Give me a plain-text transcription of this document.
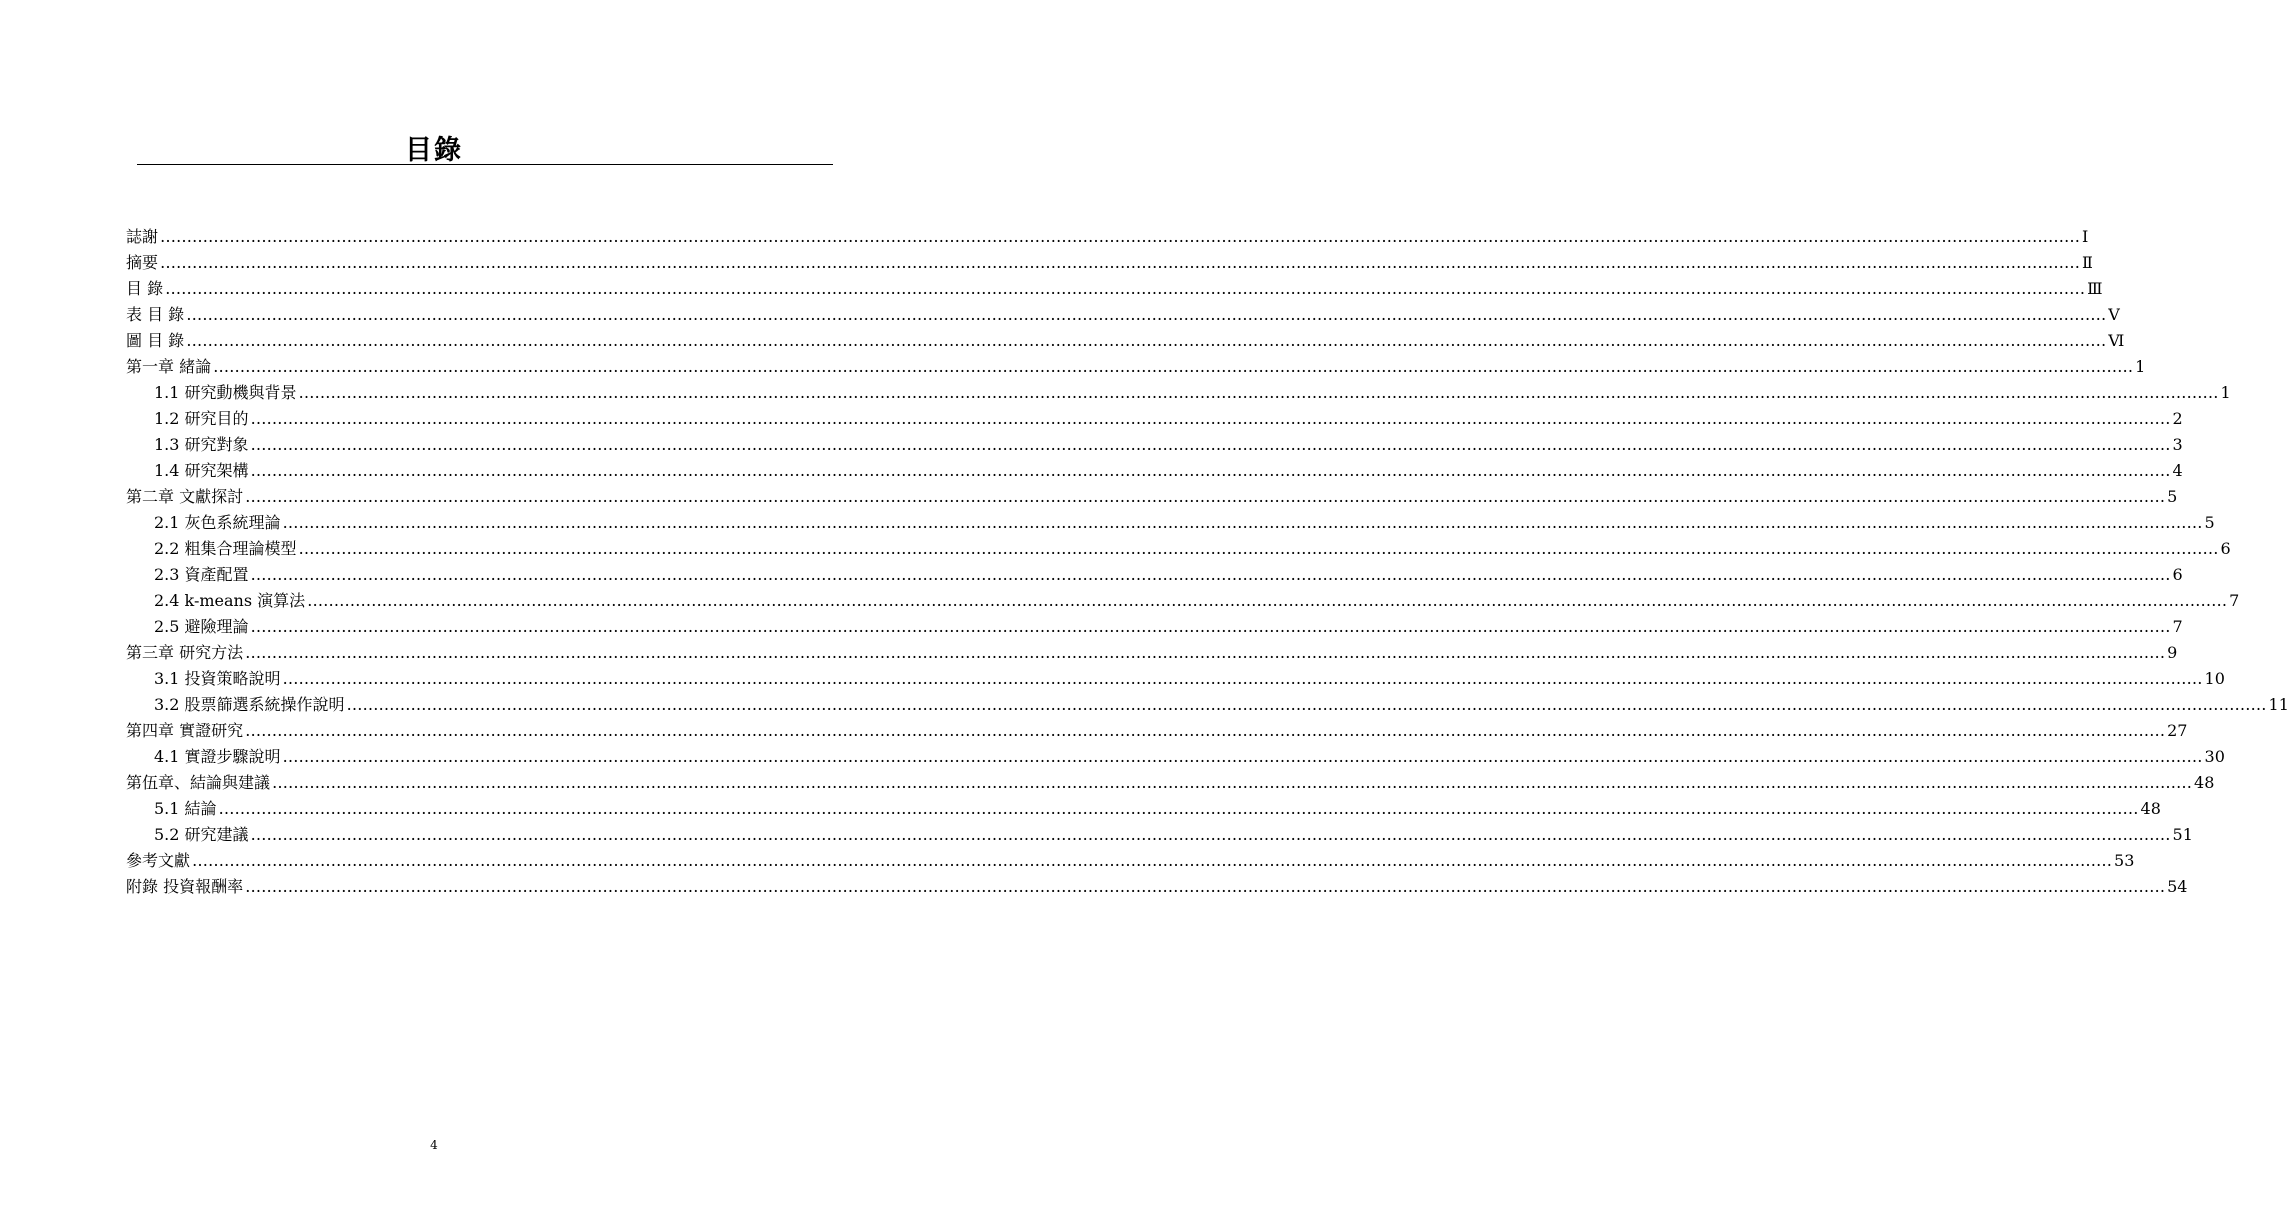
目錄
誌謝 ……………………………………………………………………………………………………………………………………………………………………………………………………………………………………………………………………………………………………………………………… Ⅰ
摘要 ……………………………………………………………………………………………………………………………………………………………………………………………………………………………………………………………………………………………………………………………… Ⅱ
目 錄 ……………………………………………………………………………………………………………………………………………………………………………………………………………………………………………………………………………………………………………………………… Ⅲ
表 目 錄 ……………………………………………………………………………………………………………………………………………………………………………………………………………………………………………………………………………………………………………………………… Ⅴ
圖 目 錄 ……………………………………………………………………………………………………………………………………………………………………………………………………………………………………………………………………………………………………………………………… Ⅵ
第一章 緒論 ……………………………………………………………………………………………………………………………………………………………………………………………………………………………………………………………………………………………………………………………… 1
1.1 研究動機與背景 ……………………………………………………………………………………………………………………………………………………………………………………………………………………………………………………………………………………………………………………………… 1
1.2 研究目的 ……………………………………………………………………………………………………………………………………………………………………………………………………………………………………………………………………………………………………………………………… 2
1.3 研究對象 ……………………………………………………………………………………………………………………………………………………………………………………………………………………………………………………………………………………………………………………………… 3
1.4 研究架構 ……………………………………………………………………………………………………………………………………………………………………………………………………………………………………………………………………………………………………………………………… 4
第二章 文獻探討 ……………………………………………………………………………………………………………………………………………………………………………………………………………………………………………………………………………………………………………………………… 5
2.1 灰色系統理論 ……………………………………………………………………………………………………………………………………………………………………………………………………………………………………………………………………………………………………………………………… 5
2.2 粗集合理論模型 ……………………………………………………………………………………………………………………………………………………………………………………………………………………………………………………………………………………………………………………………… 6
2.3 資產配置 ……………………………………………………………………………………………………………………………………………………………………………………………………………………………………………………………………………………………………………………………… 6
2.4 k-means 演算法 ……………………………………………………………………………………………………………………………………………………………………………………………………………………………………………………………………………………………………………………………… 7
2.5 避險理論 ……………………………………………………………………………………………………………………………………………………………………………………………………………………………………………………………………………………………………………………………… 7
第三章 研究方法 ……………………………………………………………………………………………………………………………………………………………………………………………………………………………………………………………………………………………………………………………… 9
3.1 投資策略說明 ……………………………………………………………………………………………………………………………………………………………………………………………………………………………………………………………………………………………………………………………… 10
3.2 股票篩選系統操作說明 ……………………………………………………………………………………………………………………………………………………………………………………………………………………………………………………………………………………………………………………………… 11
第四章 實證研究 ……………………………………………………………………………………………………………………………………………………………………………………………………………………………………………………………………………………………………………………………… 27
4.1 實證步驟說明 ……………………………………………………………………………………………………………………………………………………………………………………………………………………………………………………………………………………………………………………………… 30
第伍章、結論與建議 ……………………………………………………………………………………………………………………………………………………………………………………………………………………………………………………………………………………………………………………………… 48
5.1 結論 ……………………………………………………………………………………………………………………………………………………………………………………………………………………………………………………………………………………………………………………………… 48
5.2 研究建議 ……………………………………………………………………………………………………………………………………………………………………………………………………………………………………………………………………………………………………………………………… 51
參考文獻 ……………………………………………………………………………………………………………………………………………………………………………………………………………………………………………………………………………………………………………………………… 53
附錄 投資報酬率 ……………………………………………………………………………………………………………………………………………………………………………………………………………………………………………………………………………………………………………………………… 54
4
